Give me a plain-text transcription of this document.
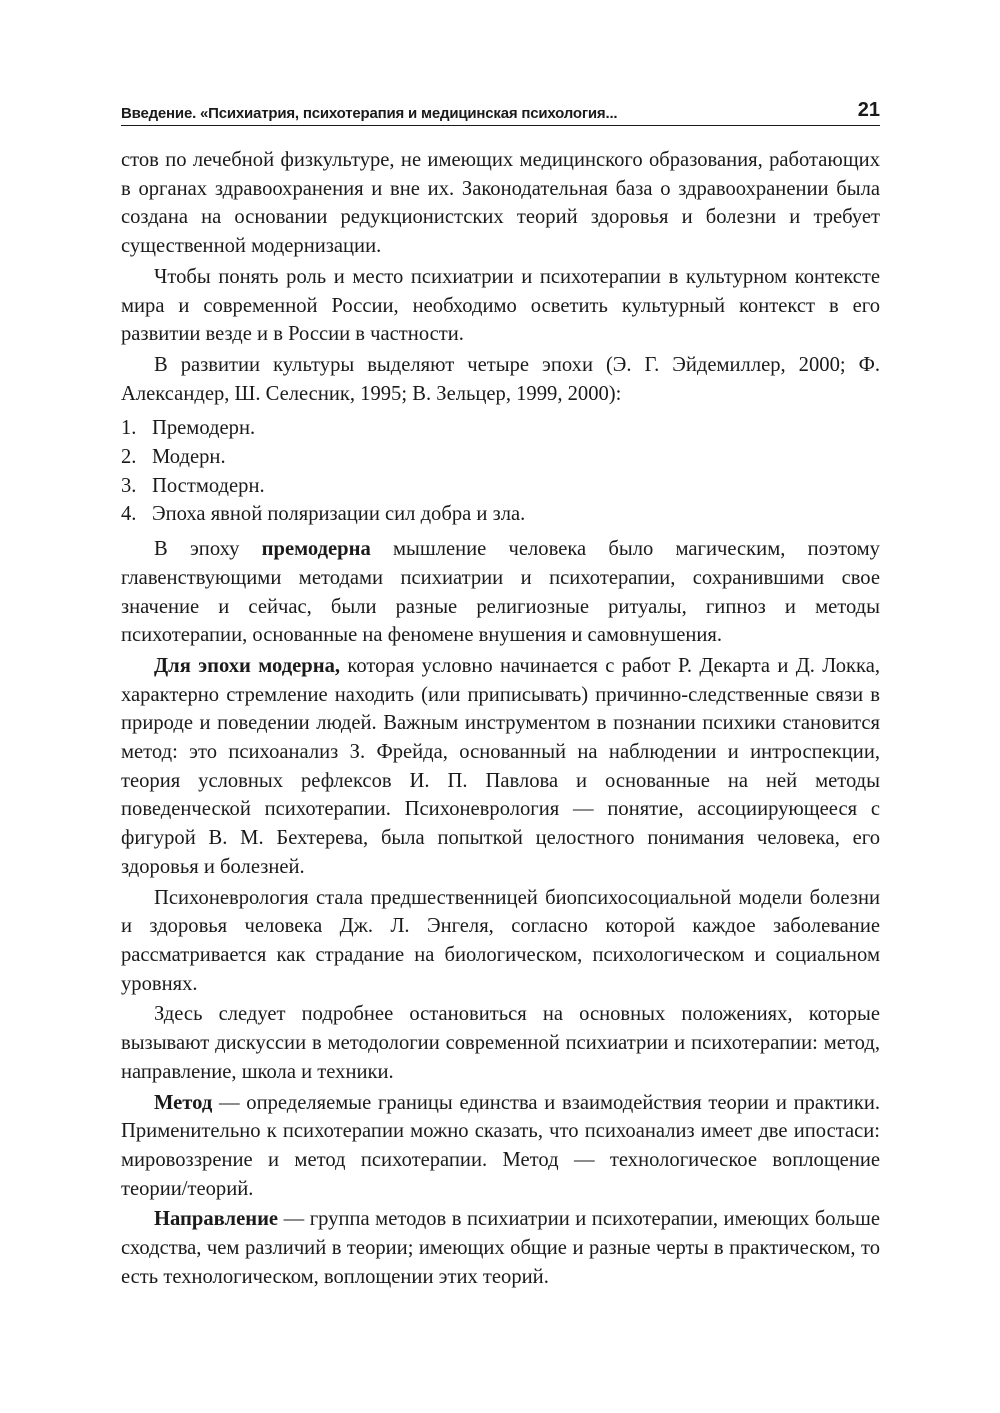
Введение. «Психиатрия, психотерапия и медицинская психология...	21

стов по лечебной физкультуре, не имеющих медицинского образования, работающих в органах здравоохранения и вне их. Законодательная база о здравоохранении была создана на основании редукционистских теорий здоровья и болезни и требует существенной модернизации.

Чтобы понять роль и место психиатрии и психотерапии в культурном контексте мира и современной России, необходимо осветить культурный контекст в его развитии везде и в России в частности.

В развитии культуры выделяют четыре эпохи (Э. Г. Эйдемиллер, 2000; Ф. Александер, Ш. Селесник, 1995; В. Зельцер, 1999, 2000):

1. Премодерн.
2. Модерн.
3. Постмодерн.
4. Эпоха явной поляризации сил добра и зла.

В эпоху премодерна мышление человека было магическим, поэтому главенствующими методами психиатрии и психотерапии, сохранившими свое значение и сейчас, были разные религиозные ритуалы, гипноз и методы психотерапии, основанные на феномене внушения и самовнушения.

Для эпохи модерна, которая условно начинается с работ Р. Декарта и Д. Локка, характерно стремление находить (или приписывать) причинно-следственные связи в природе и поведении людей. Важным инструментом в познании психики становится метод: это психоанализ З. Фрейда, основанный на наблюдении и интроспекции, теория условных рефлексов И. П. Павлова и основанные на ней методы поведенческой психотерапии. Психоневрология — понятие, ассоциирующееся с фигурой В. М. Бехтерева, была попыткой целостного понимания человека, его здоровья и болезней.

Психоневрология стала предшественницей биопсихосоциальной модели болезни и здоровья человека Дж. Л. Энгеля, согласно которой каждое заболевание рассматривается как страдание на биологическом, психологическом и социальном уровнях.

Здесь следует подробнее остановиться на основных положениях, которые вызывают дискуссии в методологии современной психиатрии и психотерапии: метод, направление, школа и техники.

Метод — определяемые границы единства и взаимодействия теории и практики. Применительно к психотерапии можно сказать, что психоанализ имеет две ипостаси: мировоззрение и метод психотерапии. Метод — технологическое воплощение теории/теорий.

Направление — группа методов в психиатрии и психотерапии, имеющих больше сходства, чем различий в теории; имеющих общие и разные черты в практическом, то есть технологическом, воплощении этих теорий.
